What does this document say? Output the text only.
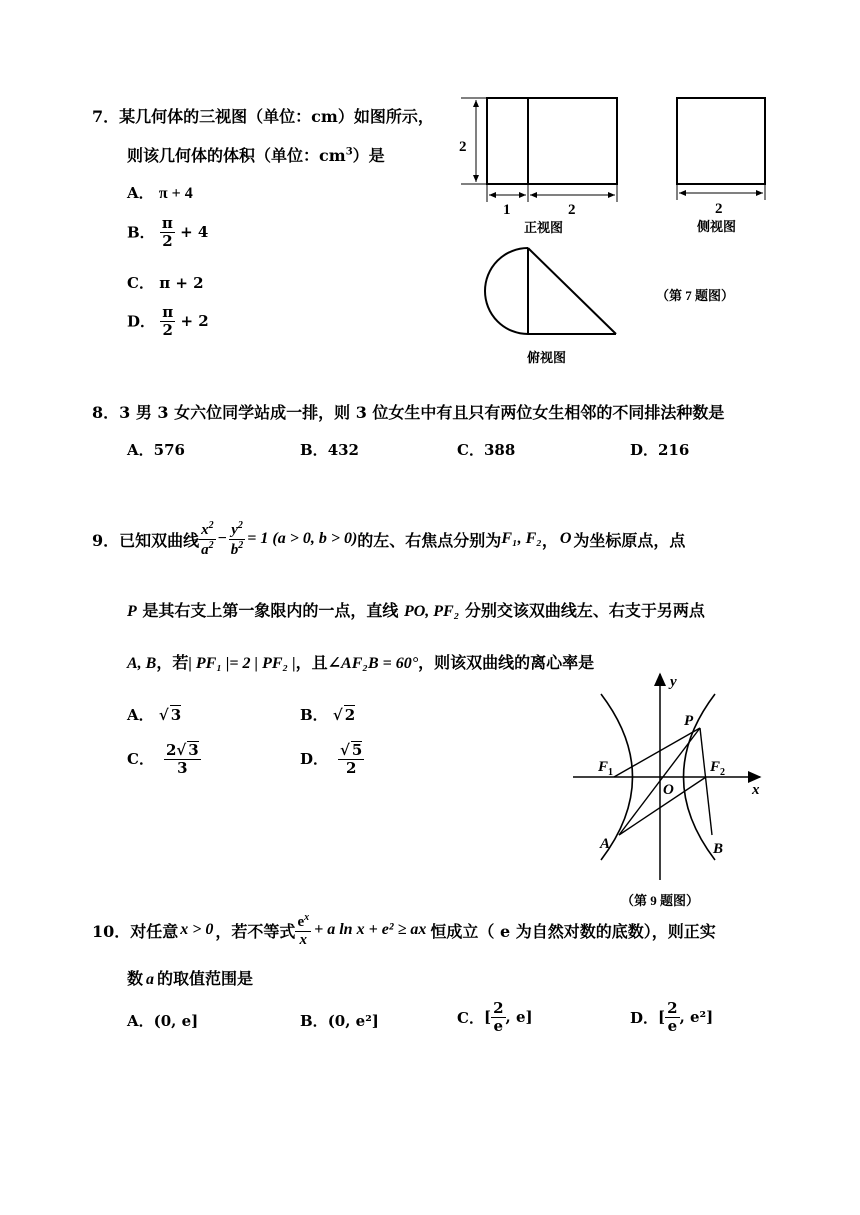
7．某几何体的三视图（单位：cm）如图所示，
则该几何体的体积（单位：$cm^3$）是
A． π + 4
B． $\frac{\pi}{2} + 4$
C． π + 2
D． $\frac{\pi}{2} + 2$
2
1	2
正视图
2
侧视图
俯视图
（第 7 题图）
8．3 男 3 女六位同学站成一排，则 3 位女生中有且只有两位女生相邻的不同排法种数是
A．576	B．432	C．388	D．216
9． 已知双曲线 $\frac{x^2}{a^2} - \frac{y^2}{b^2} = 1$ (a > 0, b > 0) 的左、右焦点分别为 F₁, F₂ ， O 为坐标原点，点
P 是其右支上第一象限内的一点，直线 PO, PF₂ 分别交该双曲线左、右支于另两点
A, B，若| PF₁ |= 2 | PF₂ |，且∠AF₂B = 60°，则该双曲线的离心率是
A． √ 3	B． √ 2
C． $\frac{2√ 3}{3}$	D． $\frac{√ 5}{2}$
y
x
P
$F_1$	$F_2$
O
A	B
（第 9 题图）
10． 对任意 x > 0 ，若不等式 $\frac{e^x}{x} + a$ ln x + e² ≥ ax 恒成立（ e 为自然对数的底数），则正实
数 a 的取值范围是
A．(0, e]	B．(0, e²]	C． [ $\frac{2}{e}$ , e]	D． [ $\frac{2}{e}$ , e²]
